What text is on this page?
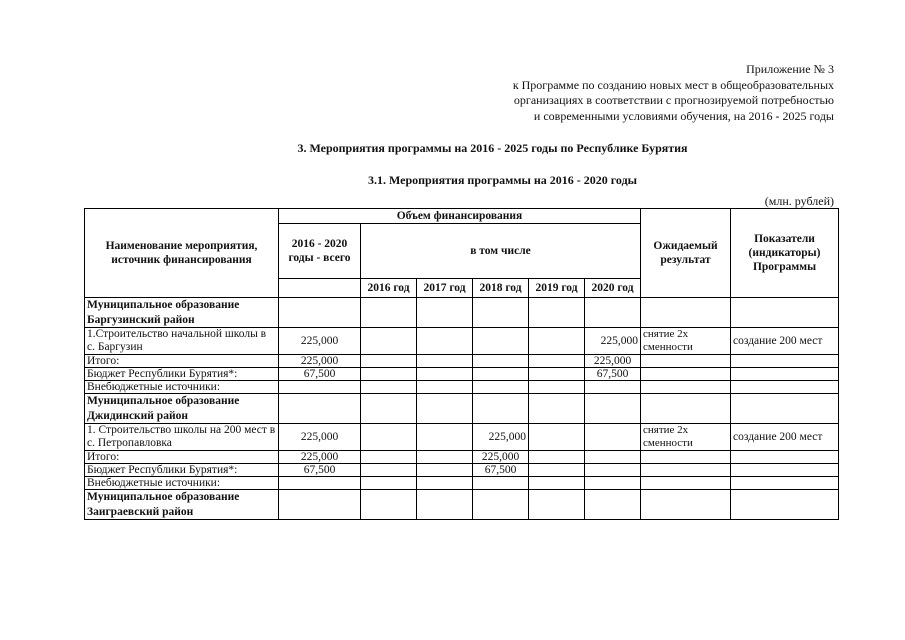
Приложение № 3
к Программе по созданию новых мест в общеобразовательных
организациях в соответствии с прогнозируемой потребностью
и современными условиями обучения, на 2016 - 2025 годы
3. Мероприятия программы на 2016 - 2025 годы по Республике Бурятия
3.1. Мероприятия программы на 2016 - 2020 годы
(млн. рублей)
Наименование мероприятия, источник финансирования	Объем финансирования						Ожидаемый результат	Показатели (индикаторы) Программы
	2016 - 2020 годы - всего	в том числе						
		2016 год	2017 год	2018 год	2019 год	2020 год		
Муниципальное образование Баргузинский район								
1.Строительство начальной школы в с. Баргузин	225,000					225,000	снятие 2х сменности	создание 200 мест
Итого:	225,000					225,000		
Бюджет Республики Бурятия*:	67,500					67,500		
Внебюджетные источники:								
Муниципальное образование Джидинский район								
1. Строительство школы на 200 мест в с. Петропавловка	225,000			225,000			снятие 2х сменности	создание 200 мест
Итого:	225,000			225,000				
Бюджет Республики Бурятия*:	67,500			67,500				
Внебюджетные источники:								
Муниципальное образование Заиграевский район								
